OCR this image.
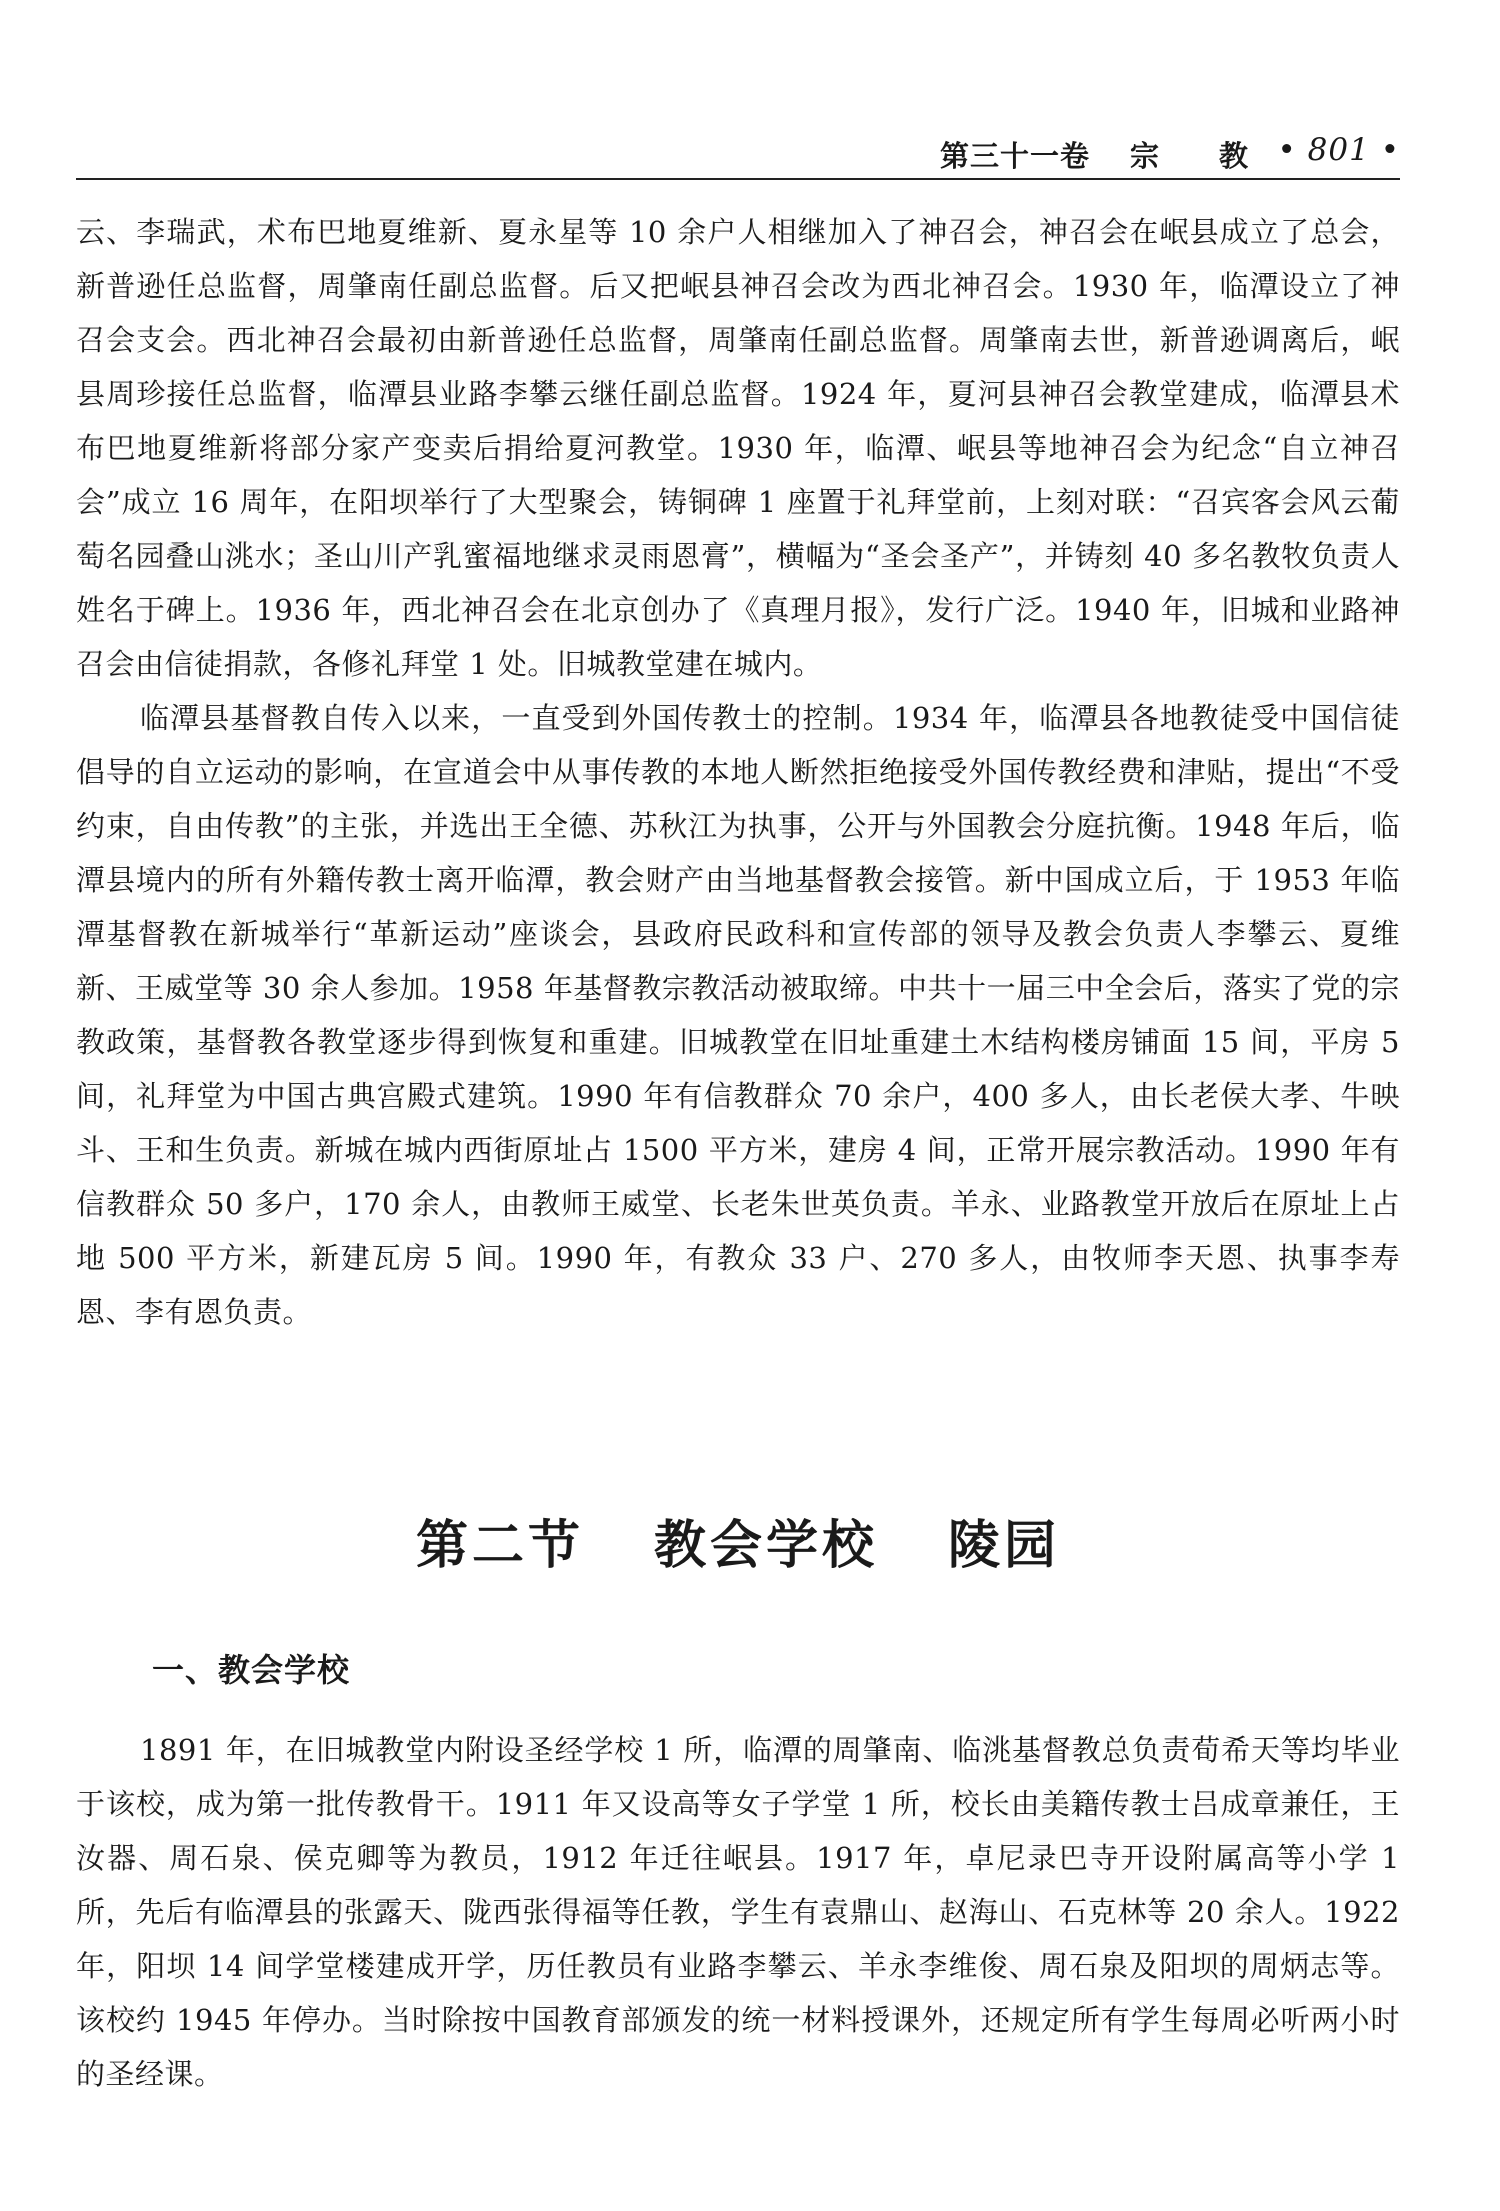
第三十一卷 宗教
• 801 •

云、李瑞武，术布巴地夏维新、夏永星等 10 余户人相继加入了神召会，神召会在岷县成立了总会，新普逊任总监督，周肇南任副总监督。后又把岷县神召会改为西北神召会。1930 年，临潭设立了神召会支会。西北神召会最初由新普逊任总监督，周肇南任副总监督。周肇南去世，新普逊调离后，岷县周珍接任总监督，临潭县业路李攀云继任副总监督。1924 年，夏河县神召会教堂建成，临潭县术布巴地夏维新将部分家产变卖后捐给夏河教堂。1930 年，临潭、岷县等地神召会为纪念“自立神召会”成立 16 周年，在阳坝举行了大型聚会，铸铜碑 1 座置于礼拜堂前，上刻对联：“召宾客会风云葡萄名园叠山洮水；圣山川产乳蜜福地继求灵雨恩膏”，横幅为“圣会圣产”，并铸刻 40 多名教牧负责人姓名于碑上。1936 年，西北神召会在北京创办了《真理月报》，发行广泛。1940 年，旧城和业路神召会由信徒捐款，各修礼拜堂 1 处。旧城教堂建在城内。

临潭县基督教自传入以来，一直受到外国传教士的控制。1934 年，临潭县各地教徒受中国信徒倡导的自立运动的影响，在宣道会中从事传教的本地人断然拒绝接受外国传教经费和津贴，提出“不受约束，自由传教”的主张，并选出王全德、苏秋江为执事，公开与外国教会分庭抗衡。1948 年后，临潭县境内的所有外籍传教士离开临潭，教会财产由当地基督教会接管。新中国成立后，于 1953 年临潭基督教在新城举行“革新运动”座谈会，县政府民政科和宣传部的领导及教会负责人李攀云、夏维新、王威堂等 30 余人参加。1958 年基督教宗教活动被取缔。中共十一届三中全会后，落实了党的宗教政策，基督教各教堂逐步得到恢复和重建。旧城教堂在旧址重建土木结构楼房铺面 15 间，平房 5 间，礼拜堂为中国古典宫殿式建筑。1990 年有信教群众 70 余户，400 多人，由长老侯大孝、牛映斗、王和生负责。新城在城内西街原址占 1500 平方米，建房 4 间，正常开展宗教活动。1990 年有信教群众 50 多户，170 余人，由教师王威堂、长老朱世英负责。羊永、业路教堂开放后在原址上占地 500 平方米，新建瓦房 5 间。1990 年，有教众 33 户、270 多人，由牧师李天恩、执事李寿恩、李有恩负责。

第二节 教会学校 陵园
一、教会学校

1891 年，在旧城教堂内附设圣经学校 1 所，临潭的周肇南、临洮基督教总负责荀希天等均毕业于该校，成为第一批传教骨干。1911 年又设高等女子学堂 1 所，校长由美籍传教士吕成章兼任，王汝器、周石泉、侯克卿等为教员，1912 年迁往岷县。1917 年，卓尼录巴寺开设附属高等小学 1 所，先后有临潭县的张露天、陇西张得福等任教，学生有袁鼎山、赵海山、石克林等 20 余人。1922 年，阳坝 14 间学堂楼建成开学，历任教员有业路李攀云、羊永李维俊、周石泉及阳坝的周炳志等。该校约 1945 年停办。当时除按中国教育部颁发的统一材料授课外，还规定所有学生每周必听两小时的圣经课。
